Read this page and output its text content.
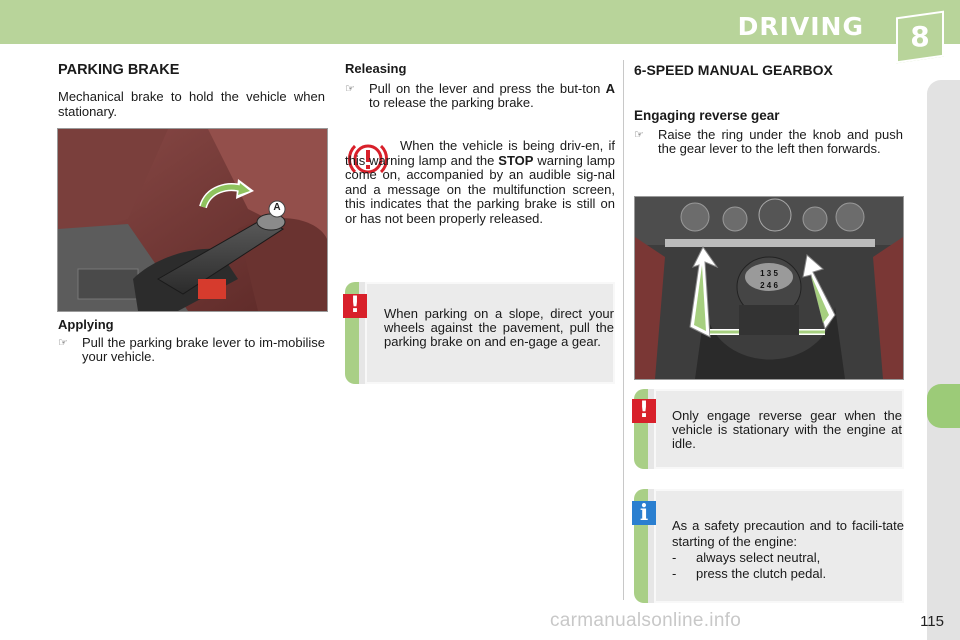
DRIVING	8
PARKING BRAKE
Mechanical brake to hold the vehicle when stationary.
A
Applying
☞	Pull the parking brake lever to im-mobilise your vehicle.
Releasing
☞	Pull on the lever and press the but-ton A to release the parking brake.
When the vehicle is being driv-en, if this warning lamp and the STOP warning lamp come on, accompanied by an audible sig-nal and a message on the multifunction screen, this indicates that the parking brake is still on or has not been properly released.
When parking on a slope, direct your wheels against the pavement, pull the parking brake on and en-gage a gear.
!
6-SPEED MANUAL GEARBOX
Engaging reverse gear
☞	Raise the ring under the knob and push the gear lever to the left then forwards.
1 3 5
2 4 6
Only engage reverse gear when the vehicle is stationary with the engine at idle.
!
As a safety precaution and to facili-tate starting of the engine:
- always select neutral,
- press the clutch pedal.
i
carmanualsonline.info	115
